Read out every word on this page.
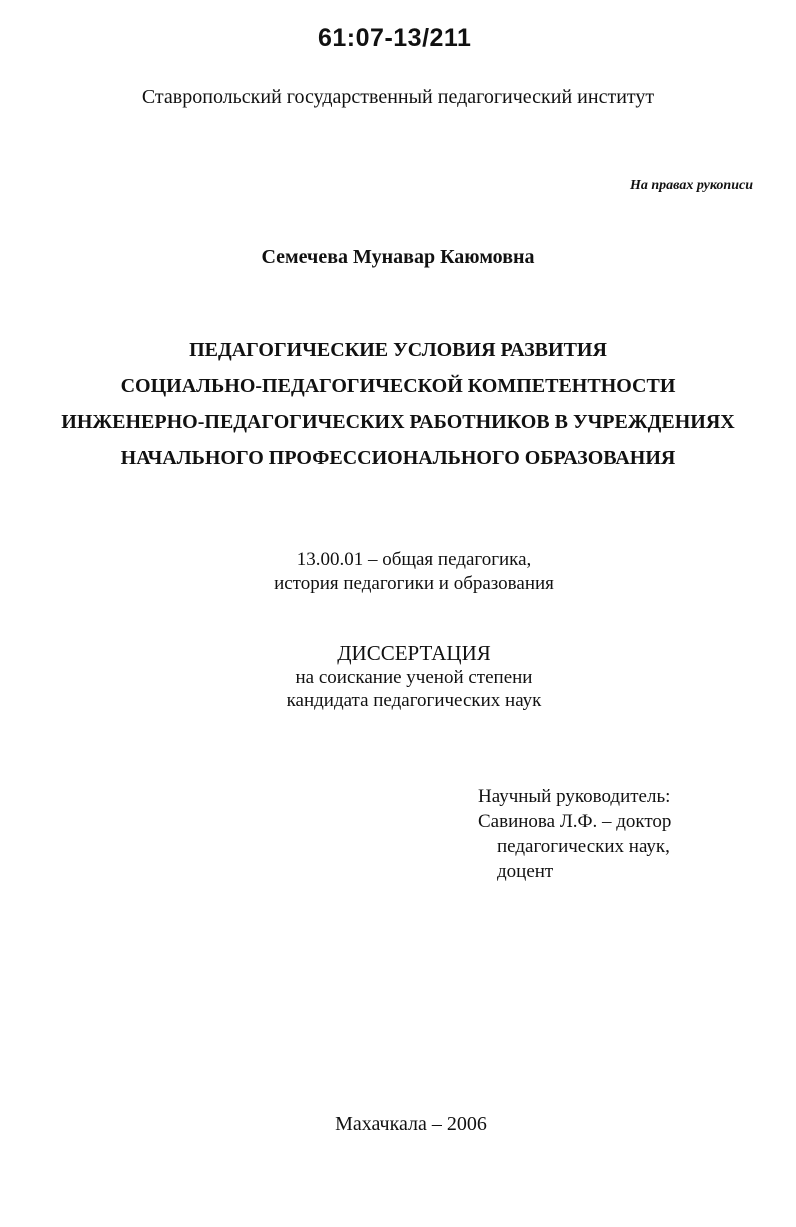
61:07-13/211
Ставропольский государственный педагогический институт
На правах рукописи
Семечева Мунавар Каюмовна
ПЕДАГОГИЧЕСКИЕ УСЛОВИЯ РАЗВИТИЯ
СОЦИАЛЬНО-ПЕДАГОГИЧЕСКОЙ КОМПЕТЕНТНОСТИ
ИНЖЕНЕРНО-ПЕДАГОГИЧЕСКИХ РАБОТНИКОВ В УЧРЕЖДЕНИЯХ
НАЧАЛЬНОГО ПРОФЕССИОНАЛЬНОГО ОБРАЗОВАНИЯ
13.00.01 – общая педагогика,
история педагогики и образования
ДИССЕРТАЦИЯ
на соискание ученой степени
кандидата педагогических наук
Научный руководитель:
Савинова Л.Ф. – доктор
педагогических наук,
доцент
Махачкала – 2006
